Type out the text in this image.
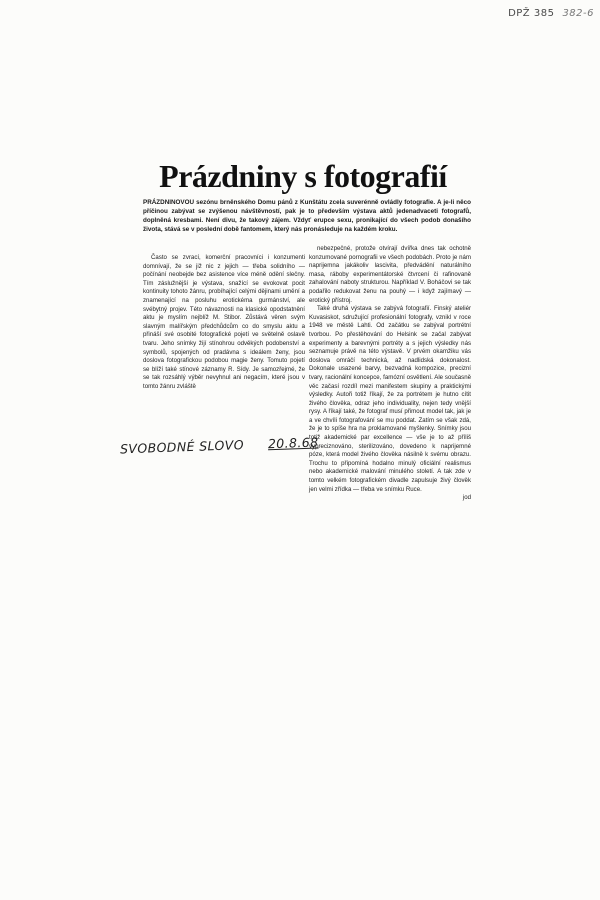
DPŽ 385 382-6
Prázdniny s fotografií
PRÁZDNINOVOU sezónu brněnského Domu pánů z Kunštátu zcela suverénně ovládly fotografie. A je-li něco příčinou zabývat se zvýšenou návštěvností, pak je to především výstava aktů jedenadvaceti fotografů, doplněná kresbami. Není divu, že takový zájem. Vždyť erupce sexu, pronikající do všech podob donašího života, stává se v poslední době fantomem, který nás pronásleduje na každém kroku.

Často se zvrací, komerční pracovníci i konzumenti domnívají, že se již nic z jejich — třeba solidního — počínání neobejde bez asistence více méně odění slečny. Tím záslužnější je výstava, snažící se evokovat pocit kontinuity tohoto žánru, probíhající celými dějinami umění a znamenající na posluhu erotickéma gurmánství, ale svébytný projev. Této návaznosti na klasické opodstatnění aktu je myslím nejblíž M. Stibor. Zůstává věren svým slavným malířským předchůdcům co do smyslu aktu a přináší své osobité fotografické pojetí ve světelně oslavě tvaru. Jeho snímky žijí stínohrou odvěkých podobenství a symbolů, spojených od pradávna s ideálem ženy, jsou doslova fotografickou podobou magie ženy. Tomuto pojetí se blíží také stínové záznamy R. Sídy. Je samozřejmé, že se tak rozsáhlý výběr nevyhnul ani negacím, které jsou v tomto žánru zvláště

nebezpečné, protože otvírají dvířka dnes tak ochotně konzumované pornografii ve všech podobách. Proto je nám naprijemna jakákoliv lascivita, předvádění naturálního masa, ráboby experimentátorské čtvrcení či rafinovaně zahalování naboty strukturou. Například V. Boháčovi se tak podařilo redukovat ženu na pouhý — i když zajímavý — erotický přístroj.

Také druhá výstava se zabývá fotografií. Finský ateliér Kuvasiskot, sdružující profesionální fotografy, vznikl v roce 1948 ve městě Lahti. Od začátku se zabýval portrétní tvorbou. Po přestěhování do Helsink se začal zabývat experimenty a barevnými portréty a s jejich výsledky nás seznamuje právě na této výstavě. V prvém okamžiku vás doslova omráčí technická, až nadlidská dokonalost. Dokonale usazené barvy, bezvadná kompozice, precizní tvary, racionální koncepce, famózní osvětlení. Ale současně věc začasí rozdíl mezi manifestem skupiny a praktickými výsledky. Autoři totiž říkají, že za portrétem je hutno cítit živého člověka, odraz jeho individuality, nejen tedy vnější rysy. A říkají také, že fotograf musí přimout model tak, jak je a ve chvíli fotografování se mu poddat. Zatím se však zdá, že je to spíše hra na proklamované myšlenky. Snímky jsou totiž akademické par excellence — vše je to až příliš vypreciznováno, sterilizováno, dovedeno k naprijemné póze, která model živého člověka násilně k svému obrazu. Trochu to připomíná hodalno minulý oficiální realismus nebo akademické malování minulého století. A tak zde v tomto velkém fotografickém divadle zapulsuje živý člověk jen velmi zřídka — třeba ve snímku Ruce.

jod
SVOBODNÉ SLOVO 20.8.68
